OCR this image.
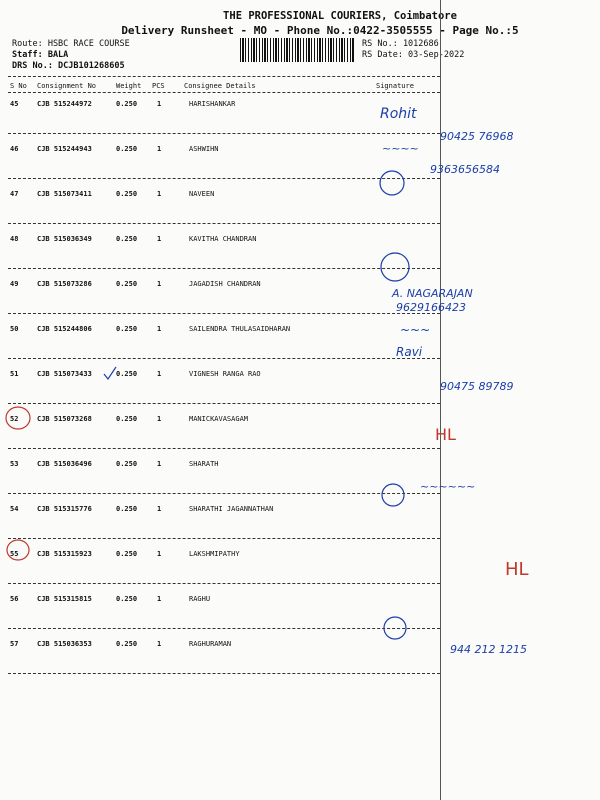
THE PROFESSIONAL COURIERS, Coimbatore
Delivery Runsheet - MO - Phone No.:0422-3505555 - Page No.:5
Route: HSBC RACE COURSE
Staff: BALA
DRS No.: DCJB101268605
RS No.: 1012686
RS Date: 03-Sep-2022
S No Consignment No	Weight PCS	Consignee Details	Signature
45	CJB 515244972	0.250	1	HARISHANKAR
46	CJB 515244943	0.250	1	ASHWIHN
47	CJB 515073411	0.250	1	NAVEEN
48	CJB 515036349	0.250	1	KAVITHA CHANDRAN
49	CJB 515073286	0.250	1	JAGADISH CHANDRAN
50	CJB 515244806	0.250	1	SAILENDRA THULASAIDHARAN
51	CJB 515073433	0.250	1	VIGNESH RANGA RAO
52	CJB 515073268	0.250	1	MANICKAVASAGAM
53	CJB 515036496	0.250	1	SHARATH
54	CJB 515315776	0.250	1	SHARATHI JAGANNATHAN
55	CJB 515315923	0.250	1	LAKSHMIPATHY
56	CJB 515315815	0.250	1	RAGHU
57	CJB 515036353	0.250	1	RAGHURAMAN
Rohit
90425 76968
~~~~
9363656584
A. NAGARAJAN
9629166423
~~~
Ravi
90475 89789
HL
~~~~~~
HL
944 212 1215
